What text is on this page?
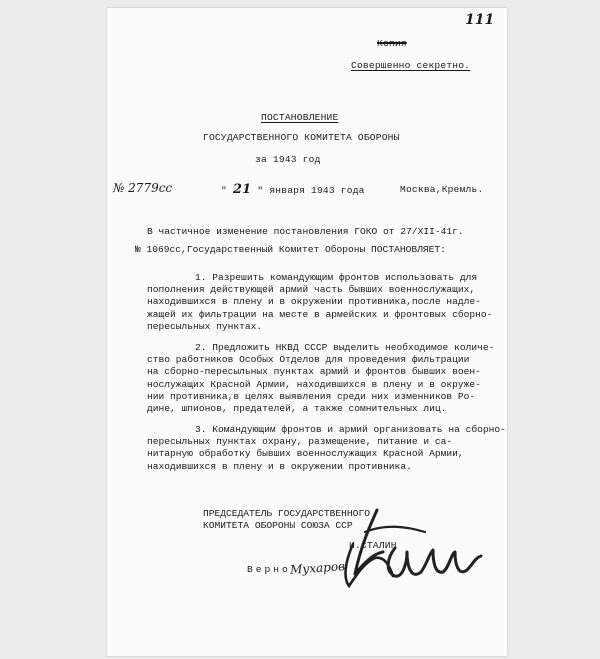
111
Копия
Совершенно секретно.
ПОСТАНОВЛЕНИЕ
ГОСУДАРСТВЕННОГО КОМИТЕТА ОБОРОНЫ
за 1943 год
№ 2779сс	" 21 " января 1943 года	Москва,Кремль.
В частичное изменение постановления ГОКО от 27/XII-41г.
№ 1069сс,Государственный Комитет Обороны ПОСТАНОВЛЯЕТ:
1. Разрешить командующим фронтов использовать для
пополнения действующей армий часть бывших военнослужащих,
находившихся в плену и в окружении противника,после надле-
жащей их фильтрации на месте в армейских и фронтовых сборно-
пересыльных пунктах.
2. Предложить НКВД СССР выделить необходимое количе-
ство работников Особых Отделов для проведения фильтрации
на сборно-пересыльных пунктах армий и фронтов бывших воен-
нослужащих Красной Армии, находившихся в плену и в окруже-
нии противника,в целях выявления среди них изменников Ро-
дине, шпионов, предателей, а также сомнительных лиц.
3. Командующим фронтов и армий организовать на сборно-
пересыльных пунктах охрану, размещение, питание и са-
нитарную обработку бывших военнослужащих Красной Армии,
находившихся в плену и в окружении противника.
ПРЕДСЕДАТЕЛЬ ГОСУДАРСТВЕННОГО
КОМИТЕТА ОБОРОНЫ СОЮЗА ССР
И.СТАЛИН
Верно
Мухаров
